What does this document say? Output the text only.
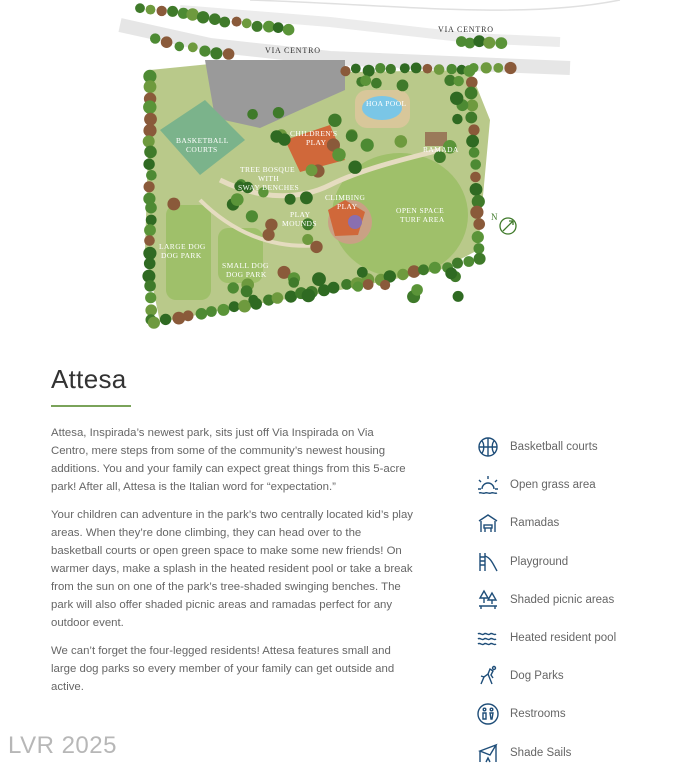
VIA CENTRO
VIA CENTRO
HOA POOL
BASKETBALL
COURTS
CHILDREN'S
PLAY
RAMADA
TREE BOSQUE
WITH
SWAY BENCHES
PLAY
MOUNDS
CLIMBING
PLAY	OPEN SPACE
TURF AREA
LARGE DOG
DOG PARK
SMALL DOG
DOG PARK
N
Attesa

Attesa, Inspirada’s newest park, sits just off Via Inspirada on Via Centro, mere steps from some of the community’s newest housing additions. You and your family can expect great things from this 5-acre park! After all, Attesa is the Italian word for “expectation.”

Your children can adventure in the park’s two centrally located kid’s play areas. When they’re done climbing, they can head over to the basketball courts or open green space to make some new friends! On warmer days, make a splash in the heated resident pool or take a break from the sun on one of the park’s tree-shaded swinging benches. The park will also offer shaded picnic areas and ramadas perfect for any outdoor event.

We can’t forget the four-legged residents! Attesa features small and large dog parks so every member of your family can get outside and active.

Basketball courts
Open grass area
Ramadas
Playground
Shaded picnic areas
Heated resident pool
Dog Parks
Restrooms
Shade Sails
LVR 2025
